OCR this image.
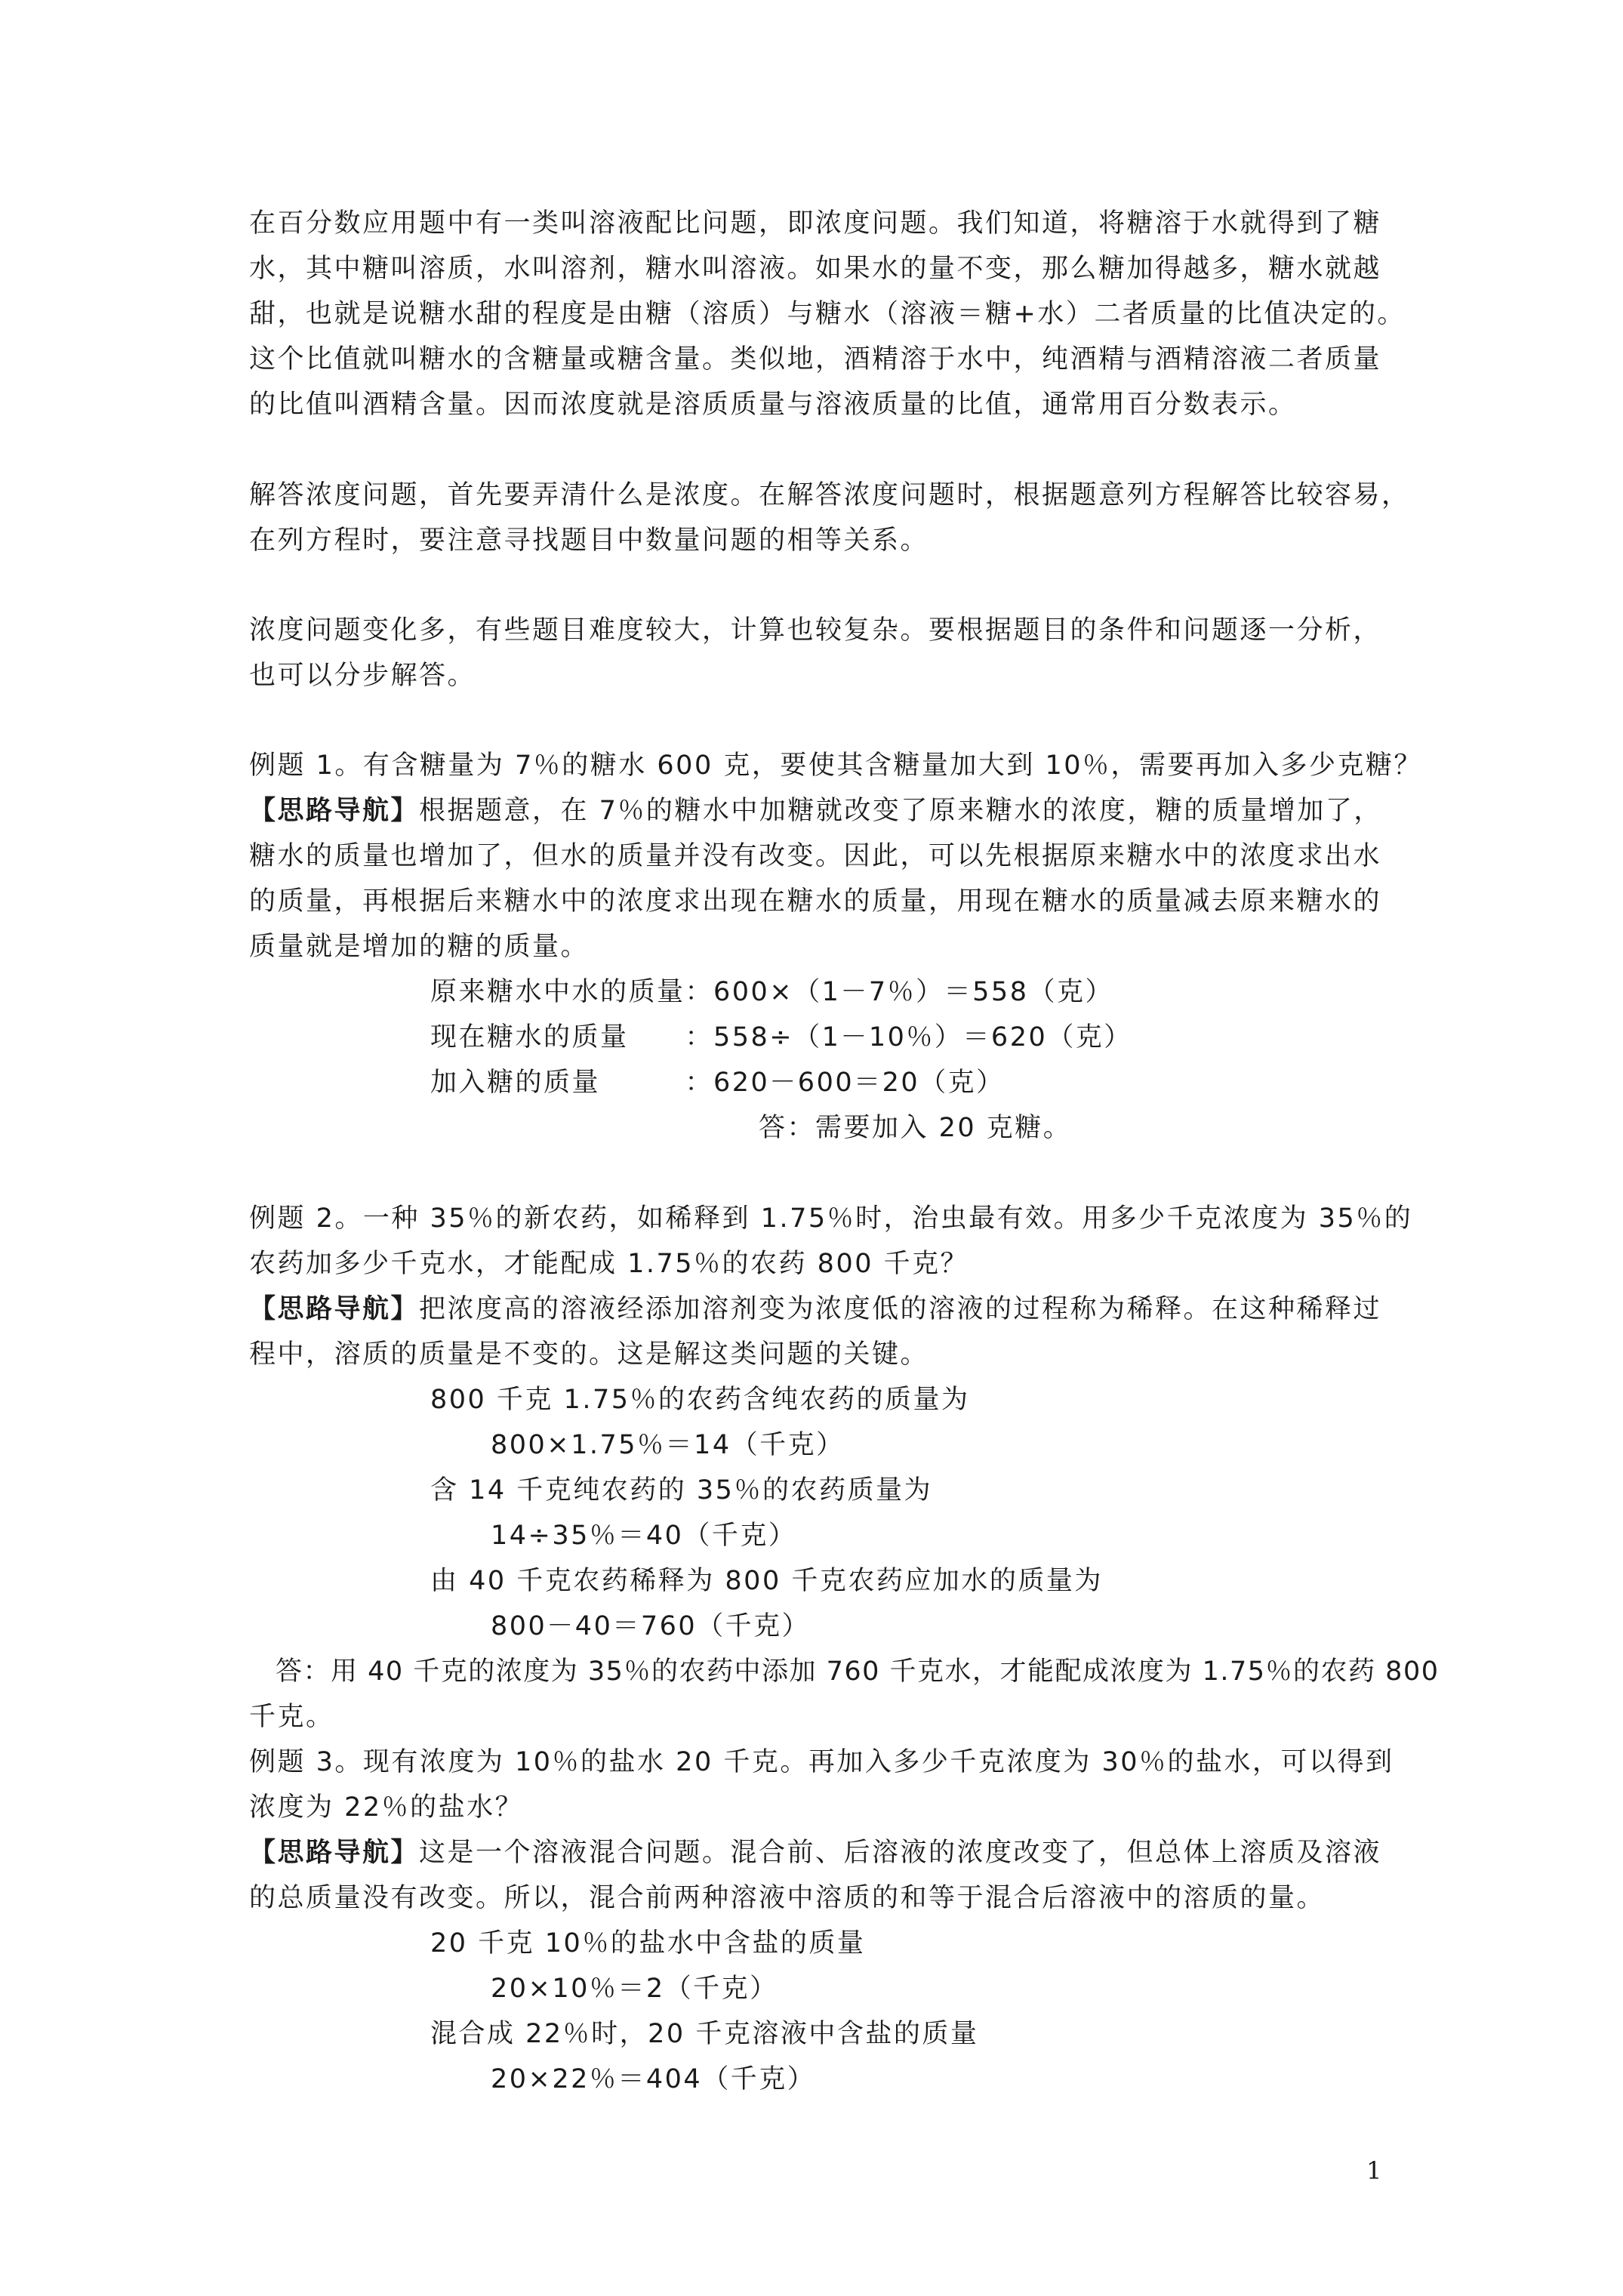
在百分数应用题中有一类叫溶液配比问题，即浓度问题。我们知道，将糖溶于水就得到了糖

水，其中糖叫溶质，水叫溶剂，糖水叫溶液。如果水的量不变，那么糖加得越多，糖水就越

甜，也就是说糖水甜的程度是由糖（溶质）与糖水（溶液＝糖+水）二者质量的比值决定的。

这个比值就叫糖水的含糖量或糖含量。类似地，酒精溶于水中，纯酒精与酒精溶液二者质量

的比值叫酒精含量。因而浓度就是溶质质量与溶液质量的比值，通常用百分数表示。

解答浓度问题，首先要弄清什么是浓度。在解答浓度问题时，根据题意列方程解答比较容易，

在列方程时，要注意寻找题目中数量问题的相等关系。

浓度问题变化多，有些题目难度较大，计算也较复杂。要根据题目的条件和问题逐一分析，

也可以分步解答。

例题 1。有含糖量为 7％的糖水 600 克，要使其含糖量加大到 10％，需要再加入多少克糖？

【思路导航】根据题意，在 7％的糖水中加糖就改变了原来糖水的浓度，糖的质量增加了，

糖水的质量也增加了，但水的质量并没有改变。因此，可以先根据原来糖水中的浓度求出水

的质量，再根据后来糖水中的浓度求出现在糖水的质量，用现在糖水的质量减去原来糖水的

质量就是增加的糖的质量。

原来糖水中水的质量：600×（1－7％）＝558（克）

现在糖水的质量　　：558÷（1－10％）＝620（克）

加入糖的质量　　　：620－600＝20（克）

答：需要加入 20 克糖。

例题 2。一种 35％的新农药，如稀释到 1.75％时，治虫最有效。用多少千克浓度为 35％的

农药加多少千克水，才能配成 1.75％的农药 800 千克？

【思路导航】把浓度高的溶液经添加溶剂变为浓度低的溶液的过程称为稀释。在这种稀释过

程中，溶质的质量是不变的。这是解这类问题的关键。

800 千克 1.75％的农药含纯农药的质量为

800×1.75％＝14（千克）

含 14 千克纯农药的 35％的农药质量为

14÷35％＝40（千克）

由 40 千克农药稀释为 800 千克农药应加水的质量为

800－40＝760（千克）

答：用 40 千克的浓度为 35％的农药中添加 760 千克水，才能配成浓度为 1.75％的农药 800

千克。

例题 3。现有浓度为 10％的盐水 20 千克。再加入多少千克浓度为 30％的盐水，可以得到

浓度为 22％的盐水？

【思路导航】这是一个溶液混合问题。混合前、后溶液的浓度改变了，但总体上溶质及溶液

的总质量没有改变。所以，混合前两种溶液中溶质的和等于混合后溶液中的溶质的量。

20 千克 10％的盐水中含盐的质量

20×10％＝2（千克）

混合成 22％时，20 千克溶液中含盐的质量

20×22％＝404（千克）

1
